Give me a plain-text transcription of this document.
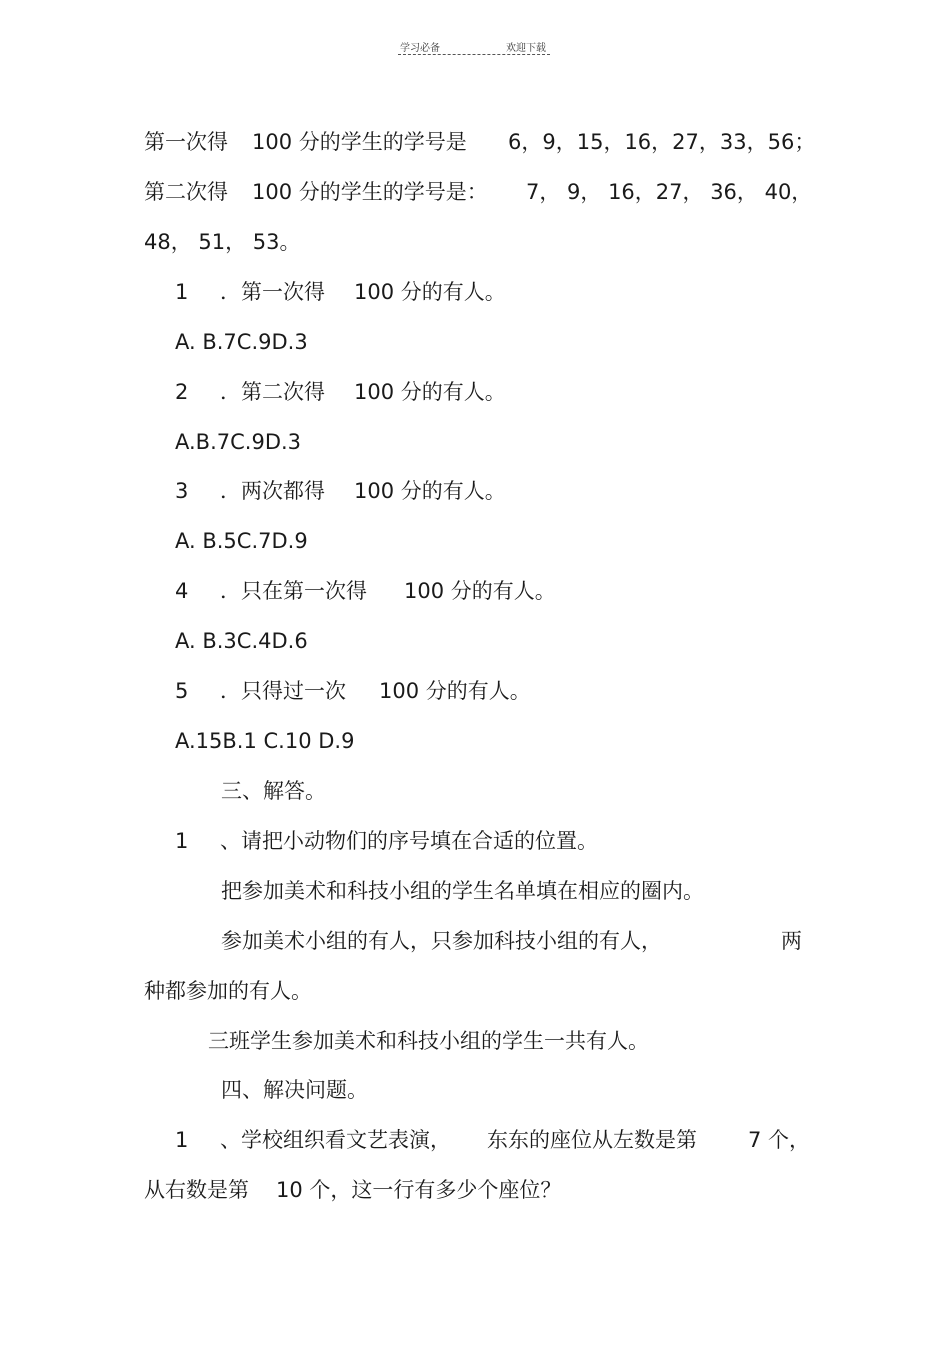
学习必备	欢迎下载
第一次得 100 分的学生的学号是 6，9，15，16，27，33，56；
第二次得 100 分的学生的学号是： 7， 9， 16，27， 36， 40，
48， 51， 53。
1 ．第一次得 100 分的有人。
A. B.7C.9D.3
2 ．第二次得 100 分的有人。
A.B.7C.9D.3
3 ．两次都得 100 分的有人。
A. B.5C.7D.9
4 ．只在第一次得 100 分的有人。
A. B.3C.4D.6
5 ．只得过一次 100 分的有人。
A.15B.1 C.10 D.9
三、解答。
1 、请把小动物们的序号填在合适的位置。
把参加美术和科技小组的学生名单填在相应的圈内。
参加美术小组的有人，只参加科技小组的有人，	两
种都参加的有人。
三班学生参加美术和科技小组的学生一共有人。
四、解决问题。
1 、学校组织看文艺表演， 东东的座位从左数是第 7 个，
从右数是第 10 个，这一行有多少个座位？
